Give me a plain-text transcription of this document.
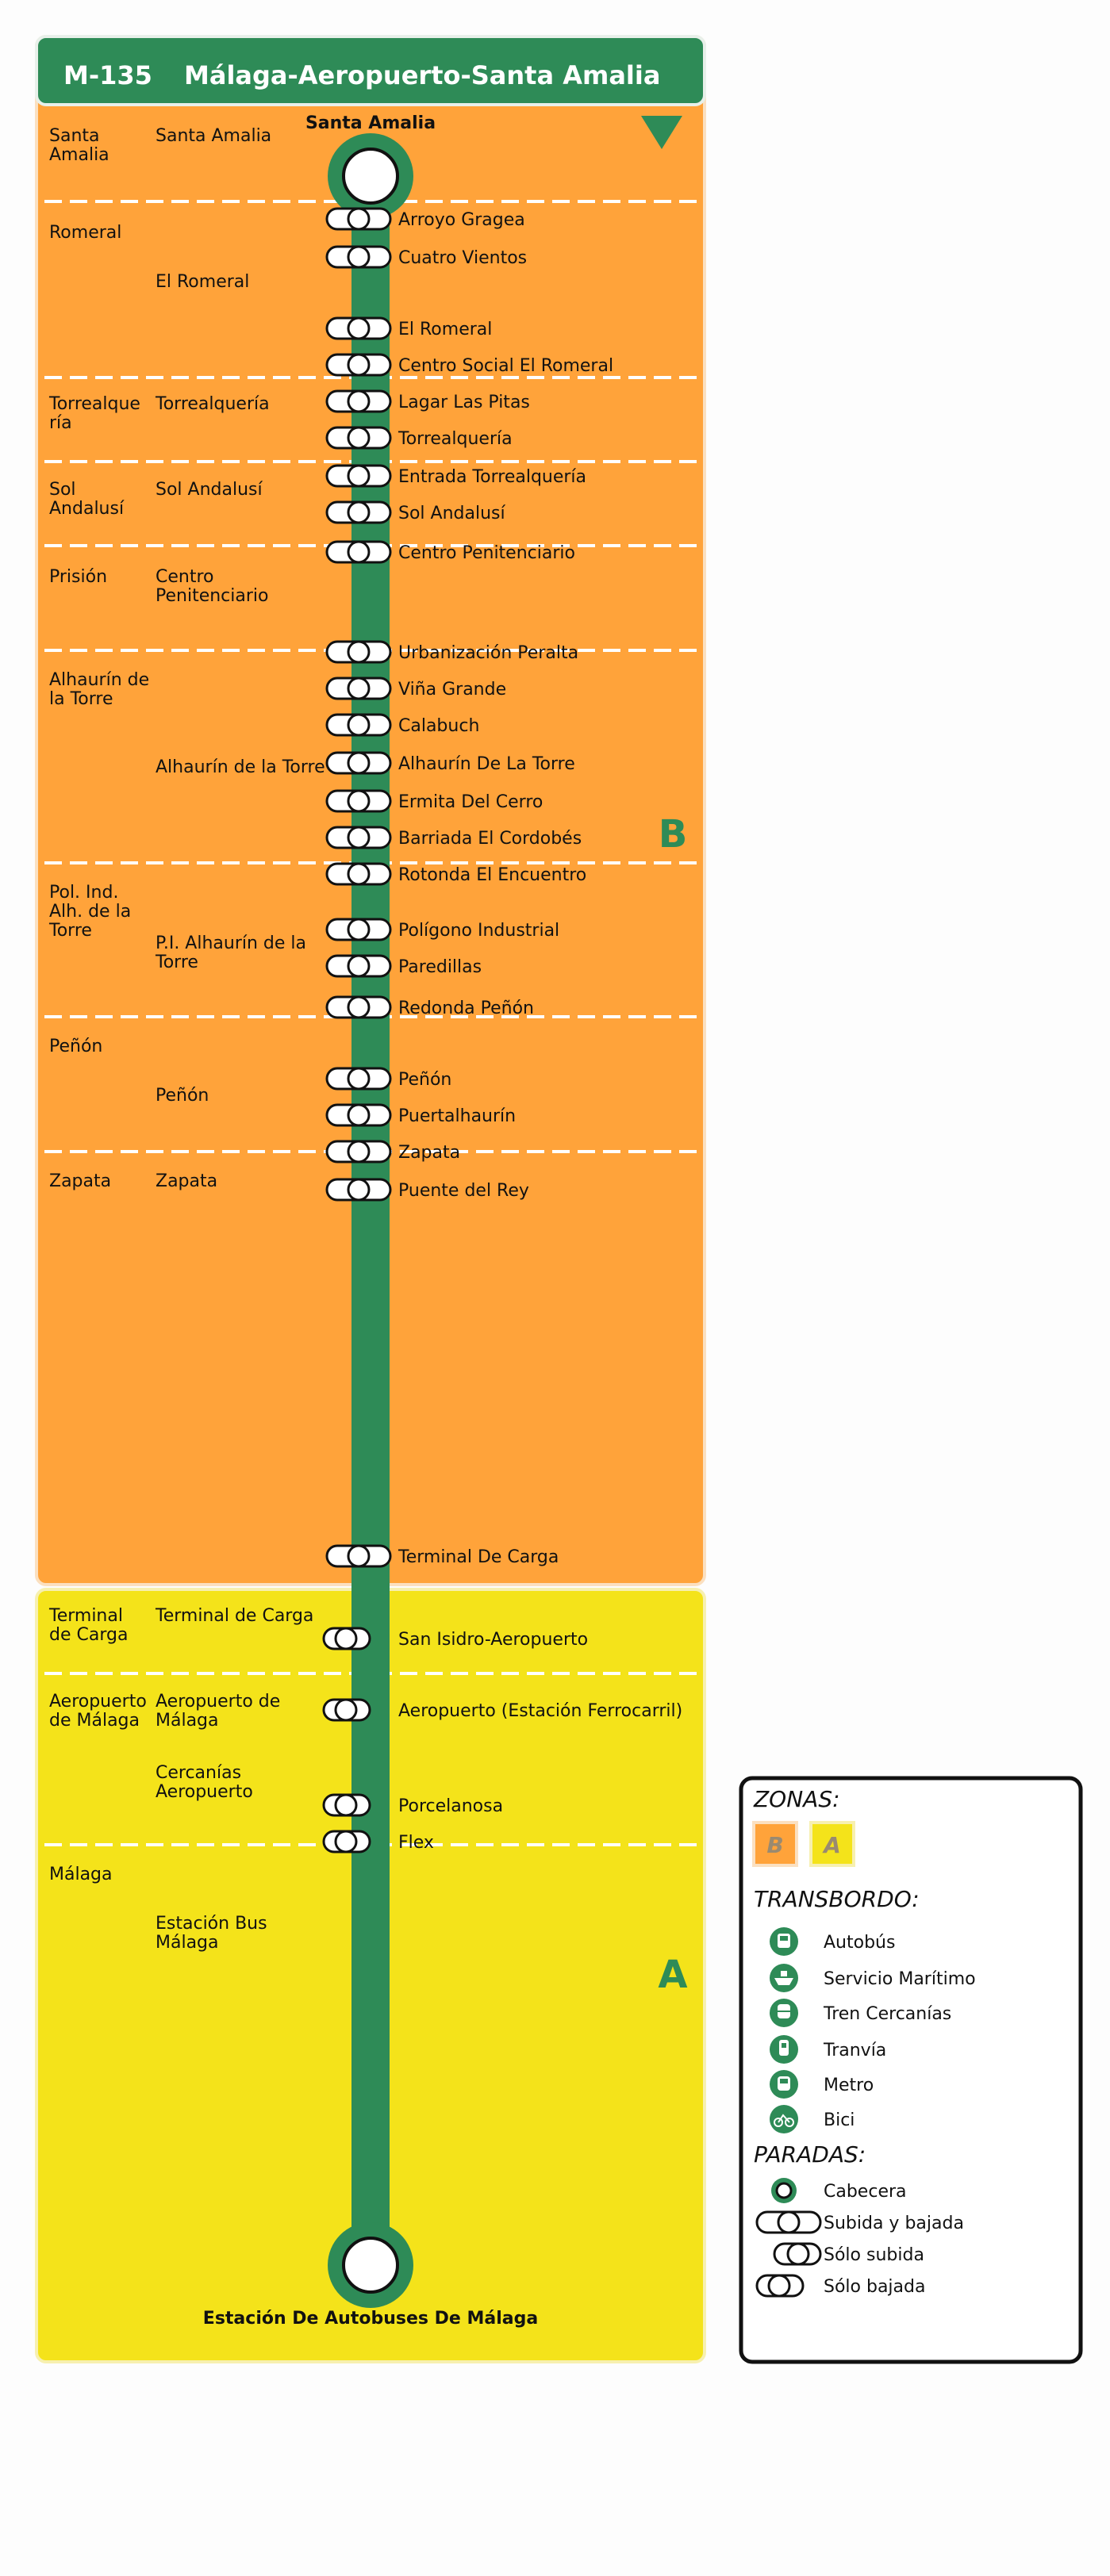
M-135 Málaga-Aeropuerto-Santa Amalia
Santa Amalia
Estación De Autobuses De Málaga
B
A
Arroyo Gragea
Cuatro Vientos
El Romeral
Centro Social El Romeral
Lagar Las Pitas
Torrealquería
Entrada Torrealquería
Sol Andalusí
Centro Penitenciario
Urbanización Peralta
Viña Grande
Calabuch
Alhaurín De La Torre
Ermita Del Cerro
Barriada El Cordobés
Rotonda El Encuentro
Polígono Industrial
Paredillas
Redonda Peñón
Peñón
Puertalhaurín
Zapata
Puente del Rey
Terminal De Carga
San Isidro-Aeropuerto
Aeropuerto (Estación Ferrocarril)
Porcelanosa
Flex
Santa Amalia
Romeral
Torrealque ría
Sol Andalusí
Prisión
Alhaurín de la Torre
Pol. Ind. Alh. de la Torre
Peñón
Zapata
Terminal de Carga
Aeropuerto de Málaga
Málaga
Santa Amalia
El Romeral
Torrealquería
Sol Andalusí
Centro Penitenciario
Alhaurín de la Torre
P.I. Alhaurín de la Torre
Peñón
Zapata
Terminal de Carga
Aeropuerto de Málaga
Cercanías Aeropuerto
Estación Bus Málaga
ZONAS:
B A
TRANSBORDO:
Autobús
Servicio Marítimo
Tren Cercanías
Tranvía
Metro
Bici
PARADAS:
Cabecera
Subida y bajada
Sólo subida
Sólo bajada
